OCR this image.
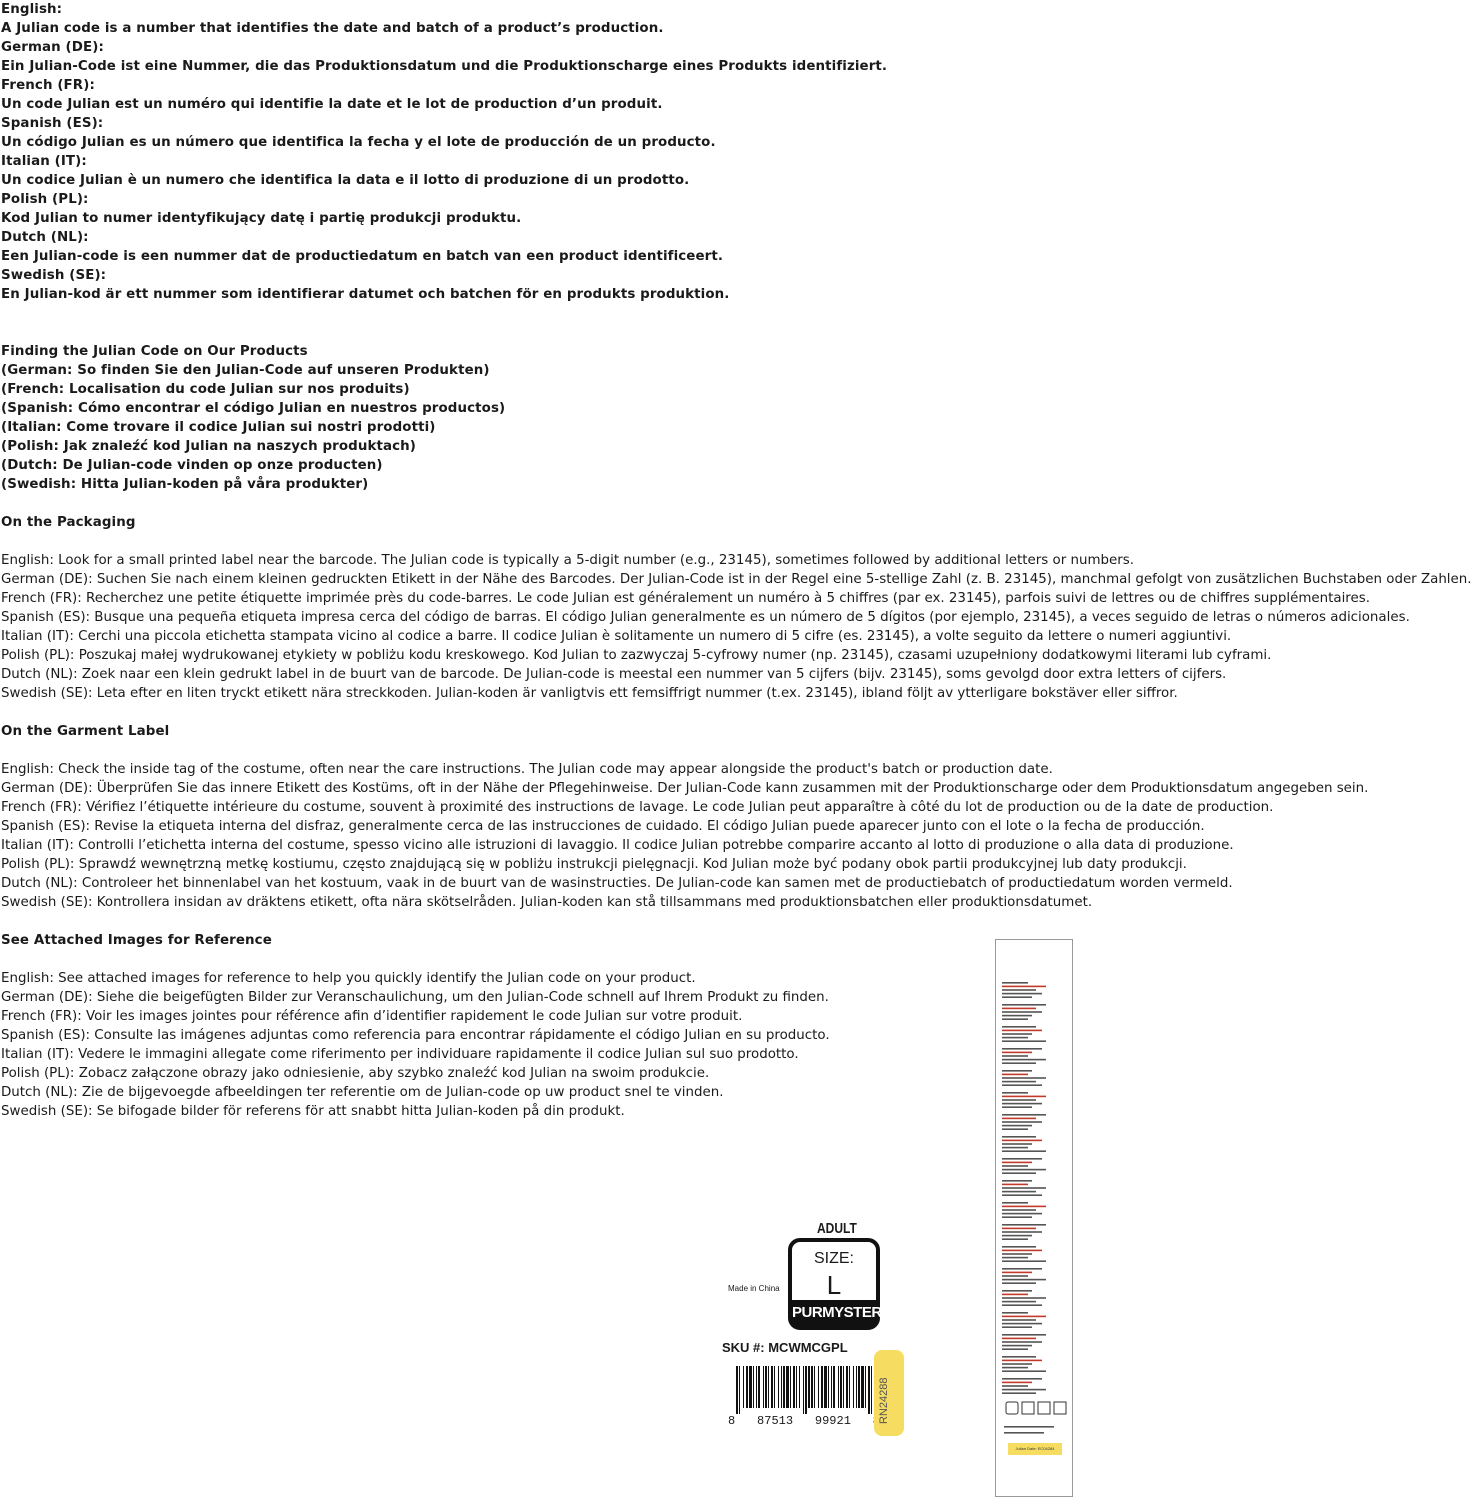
English:
A Julian code is a number that identifies the date and batch of a product’s production.
German (DE):
Ein Julian-Code ist eine Nummer, die das Produktionsdatum und die Produktionscharge eines Produkts identifiziert.
French (FR):
Un code Julian est un numéro qui identifie la date et le lot de production d’un produit.
Spanish (ES):
Un código Julian es un número que identifica la fecha y el lote de producción de un producto.
Italian (IT):
Un codice Julian è un numero che identifica la data e il lotto di produzione di un prodotto.
Polish (PL):
Kod Julian to numer identyfikujący datę i partię produkcji produktu.
Dutch (NL):
Een Julian-code is een nummer dat de productiedatum en batch van een product identificeert.
Swedish (SE):
En Julian-kod är ett nummer som identifierar datumet och batchen för en produkts produktion.
Finding the Julian Code on Our Products
(German: So finden Sie den Julian-Code auf unseren Produkten)
(French: Localisation du code Julian sur nos produits)
(Spanish: Cómo encontrar el código Julian en nuestros productos)
(Italian: Come trovare il codice Julian sui nostri prodotti)
(Polish: Jak znaleźć kod Julian na naszych produktach)
(Dutch: De Julian-code vinden op onze producten)
(Swedish: Hitta Julian-koden på våra produkter)
On the Packaging
English: Look for a small printed label near the barcode. The Julian code is typically a 5-digit number (e.g., 23145), sometimes followed by additional letters or numbers.
German (DE): Suchen Sie nach einem kleinen gedruckten Etikett in der Nähe des Barcodes. Der Julian-Code ist in der Regel eine 5-stellige Zahl (z. B. 23145), manchmal gefolgt von zusätzlichen Buchstaben oder Zahlen.
French (FR): Recherchez une petite étiquette imprimée près du code-barres. Le code Julian est généralement un numéro à 5 chiffres (par ex. 23145), parfois suivi de lettres ou de chiffres supplémentaires.
Spanish (ES): Busque una pequeña etiqueta impresa cerca del código de barras. El código Julian generalmente es un número de 5 dígitos (por ejemplo, 23145), a veces seguido de letras o números adicionales.
Italian (IT): Cerchi una piccola etichetta stampata vicino al codice a barre. Il codice Julian è solitamente un numero di 5 cifre (es. 23145), a volte seguito da lettere o numeri aggiuntivi.
Polish (PL): Poszukaj małej wydrukowanej etykiety w pobliżu kodu kreskowego. Kod Julian to zazwyczaj 5-cyfrowy numer (np. 23145), czasami uzupełniony dodatkowymi literami lub cyframi.
Dutch (NL): Zoek naar een klein gedrukt label in de buurt van de barcode. De Julian-code is meestal een nummer van 5 cijfers (bijv. 23145), soms gevolgd door extra letters of cijfers.
Swedish (SE): Leta efter en liten tryckt etikett nära streckkoden. Julian-koden är vanligtvis ett femsiffrigt nummer (t.ex. 23145), ibland följt av ytterligare bokstäver eller siffror.
On the Garment Label
English: Check the inside tag of the costume, often near the care instructions. The Julian code may appear alongside the product's batch or production date.
German (DE): Überprüfen Sie das innere Etikett des Kostüms, oft in der Nähe der Pflegehinweise. Der Julian-Code kann zusammen mit der Produktionscharge oder dem Produktionsdatum angegeben sein.
French (FR): Vérifiez l’étiquette intérieure du costume, souvent à proximité des instructions de lavage. Le code Julian peut apparaître à côté du lot de production ou de la date de production.
Spanish (ES): Revise la etiqueta interna del disfraz, generalmente cerca de las instrucciones de cuidado. El código Julian puede aparecer junto con el lote o la fecha de producción.
Italian (IT): Controlli l’etichetta interna del costume, spesso vicino alle istruzioni di lavaggio. Il codice Julian potrebbe comparire accanto al lotto di produzione o alla data di produzione.
Polish (PL): Sprawdź wewnętrzną metkę kostiumu, często znajdującą się w pobliżu instrukcji pielęgnacji. Kod Julian może być podany obok partii produkcyjnej lub daty produkcji.
Dutch (NL): Controleer het binnenlabel van het kostuum, vaak in de buurt van de wasinstructies. De Julian-code kan samen met de productiebatch of productiedatum worden vermeld.
Swedish (SE): Kontrollera insidan av dräktens etikett, ofta nära skötselråden. Julian-koden kan stå tillsammans med produktionsbatchen eller produktionsdatumet.
See Attached Images for Reference
English: See attached images for reference to help you quickly identify the Julian code on your product.
German (DE): Siehe die beigefügten Bilder zur Veranschaulichung, um den Julian-Code schnell auf Ihrem Produkt zu finden.
French (FR): Voir les images jointes pour référence afin d’identifier rapidement le code Julian sur votre produit.
Spanish (ES): Consulte las imágenes adjuntas como referencia para encontrar rápidamente el código Julian en su producto.
Italian (IT): Vedere le immagini allegate come riferimento per individuare rapidamente il codice Julian sul suo prodotto.
Polish (PL): Zobacz załączone obrazy jako odniesienie, aby szybko znaleźć kod Julian na swoim produkcie.
Dutch (NL): Zie de bijgevoegde afbeeldingen ter referentie om de Julian-code op uw product snel te vinden.
Swedish (SE): Se bifogade bilder för referens för att snabbt hitta Julian-koden på din produkt.
ADULT
SIZE:
L
PURMYSTERY
Made in China
SKU #: MCWMCGPL
8 87513 99921 RN24288
Julian Date: EC04284
